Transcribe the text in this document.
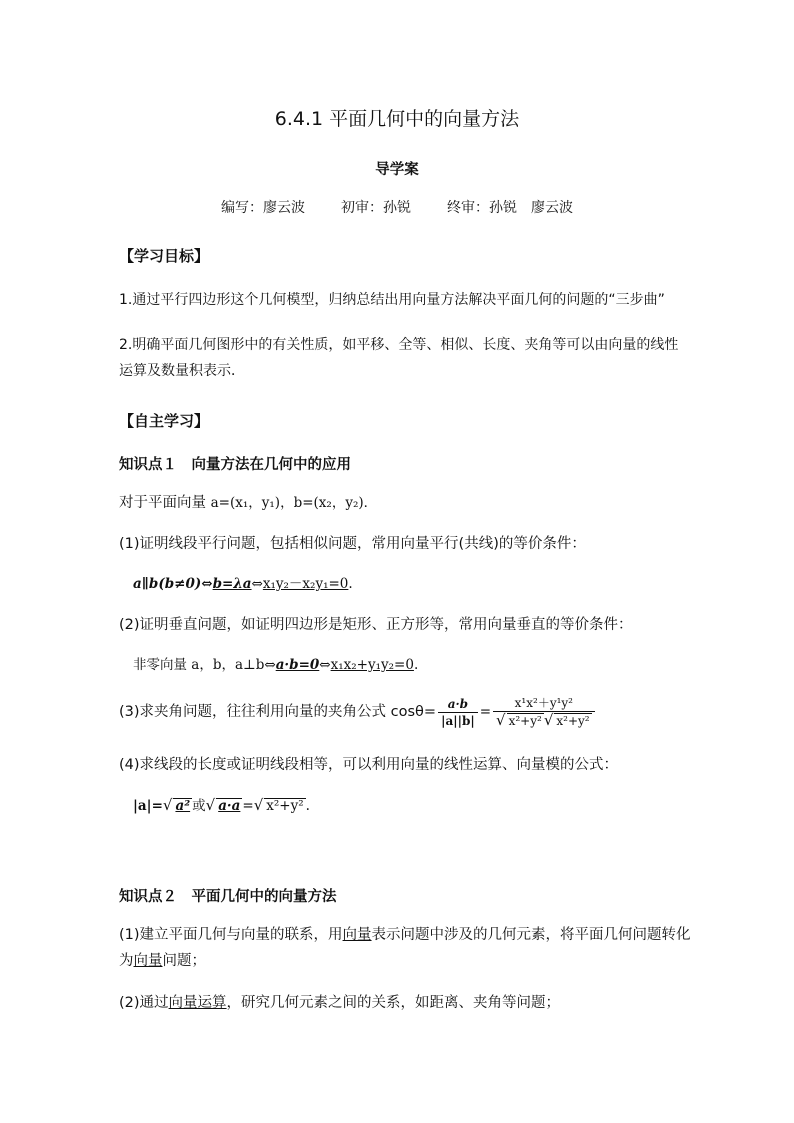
6.4.1 平面几何中的向量方法
导学案
编写：廖云波	初审：孙锐	终审：孙锐　廖云波
【学习目标】
1.通过平行四边形这个几何模型，归纳总结出用向量方法解决平面几何的问题的“三步曲”
2.明确平面几何图形中的有关性质，如平移、全等、相似、长度、夹角等可以由向量的线性
运算及数量积表示．
【自主学习】
知识点１　向量方法在几何中的应用
对于平面向量 a=(x₁，y₁)，b=(x₂，y₂)．
(1)证明线段平行问题，包括相似问题，常用向量平行(共线)的等价条件：
a∥b(b≠0)⇔b=λa⇔x₁y₂－x₂y₁=0.
(2)证明垂直问题，如证明四边形是矩形、正方形等，常用向量垂直的等价条件：
非零向量 a，b，a⊥b⇔a·b=0⇔x₁x₂+y₁y₂=0.
(3)求夹角问题，往往利用向量的夹角公式 $\cos\theta= \frac{a\cdot b}{|a||b|} = \frac{\text{x¹x²＋y¹y²}}{\text{√ x²+y² √ x²+y²}}$
(4)求线段的长度或证明线段相等，可以利用向量的线性运算、向量模的公式：
|a|=√ a² 或√ a·a =√ x²+y² .
知识点２　平面几何中的向量方法
(1)建立平面几何与向量的联系，用向量表示问题中涉及的几何元素，将平面几何问题转化
为向量问题；
(2)通过向量运算，研究几何元素之间的关系，如距离、夹角等问题；
